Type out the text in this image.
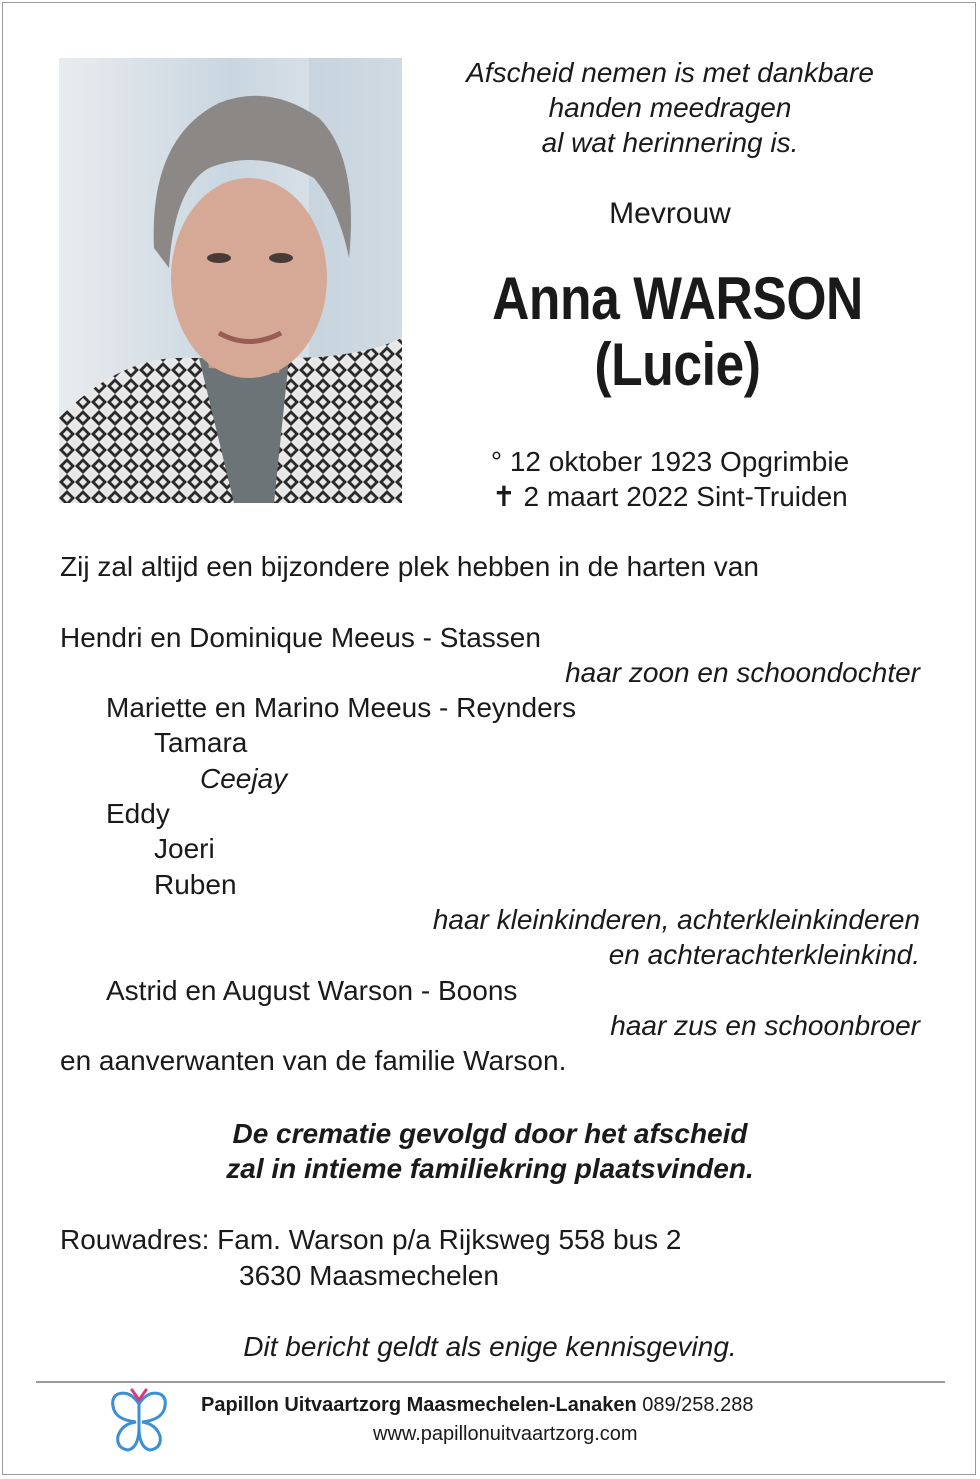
Afscheid nemen is met dankbare
handen meedragen
al wat herinnering is.
Mevrouw
Anna WARSON
(Lucie)
° 12 oktober 1923 Opgrimbie
✝ 2 maart 2022 Sint-Truiden
Zij zal altijd een bijzondere plek hebben in de harten van
Hendri en Dominique Meeus - Stassen
haar zoon en schoondochter
Mariette en Marino Meeus - Reynders
Tamara
Ceejay
Eddy
Joeri
Ruben
haar kleinkinderen, achterkleinkinderen
en achterachterkleinkind.
Astrid en August Warson - Boons
haar zus en schoonbroer
en aanverwanten van de familie Warson.
De crematie gevolgd door het afscheid
zal in intieme familiekring plaatsvinden.
Rouwadres: Fam. Warson p/a Rijksweg 558 bus 2
3630 Maasmechelen
Dit bericht geldt als enige kennisgeving.
Papillon Uitvaartzorg Maasmechelen-Lanaken 089/258.288
www.papillonuitvaartzorg.com
